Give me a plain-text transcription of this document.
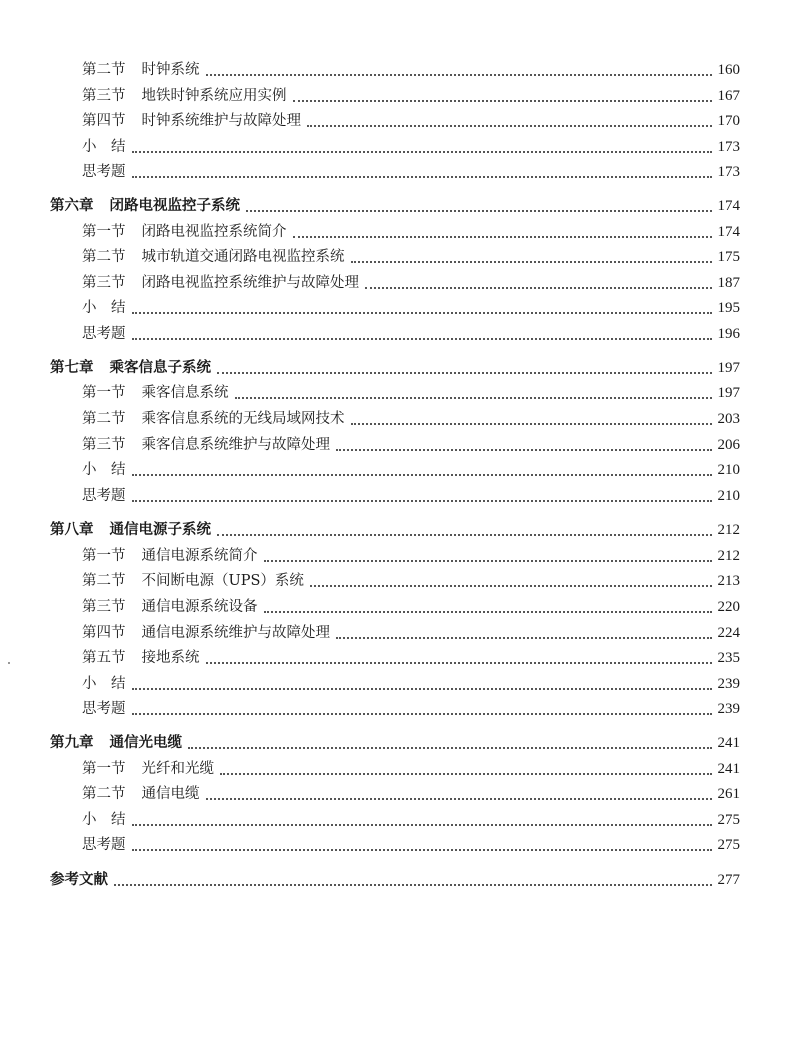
第二节 时钟系统	160
第三节 地铁时钟系统应用实例	167
第四节 时钟系统维护与故障处理	170
小　结	173
思考题	173
第六章 闭路电视监控子系统	174
第一节 闭路电视监控系统简介	174
第二节 城市轨道交通闭路电视监控系统	175
第三节 闭路电视监控系统维护与故障处理	187
小　结	195
思考题	196
第七章 乘客信息子系统	197
第一节 乘客信息系统	197
第二节 乘客信息系统的无线局域网技术	203
第三节 乘客信息系统维护与故障处理	206
小　结	210
思考题	210
第八章 通信电源子系统	212
第一节 通信电源系统简介	212
第二节 不间断电源（UPS）系统	213
第三节 通信电源系统设备	220
第四节 通信电源系统维护与故障处理	224
第五节 接地系统	235
小　结	239
思考题	239
第九章 通信光电缆	241
第一节 光纤和光缆	241
第二节 通信电缆	261
小　结	275
思考题	275
参考文献	277
